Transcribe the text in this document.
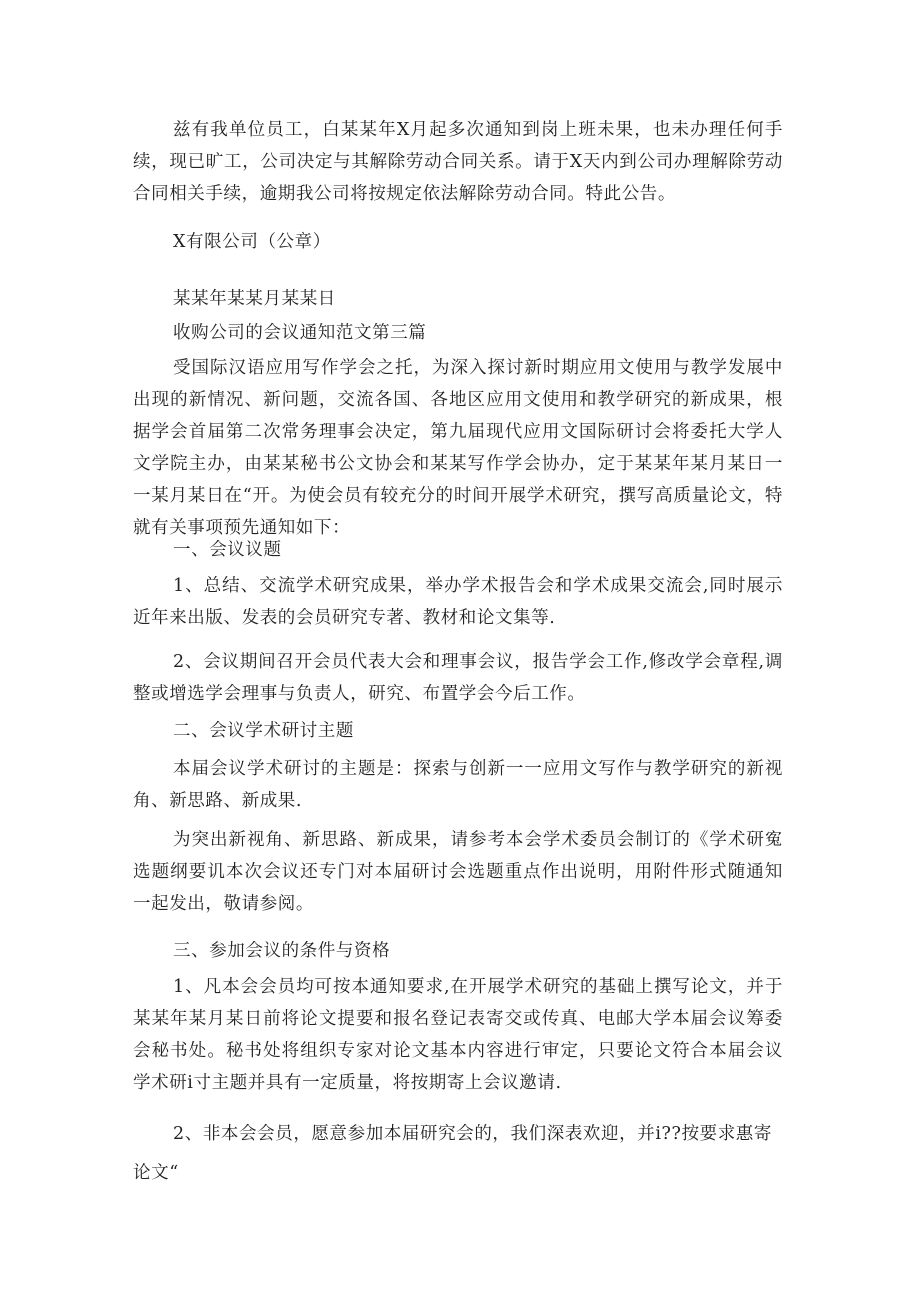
兹有我单位员工，白某某年X月起多次通知到岗上班未果，也未办理任何手续，现已旷工，公司决定与其解除劳动合同关系。请于X天内到公司办理解除劳动合同相关手续，逾期我公司将按规定依法解除劳动合同。特此公告。

X有限公司（公章）

某某年某某月某某日

收购公司的会议通知范文第三篇

受国际汉语应用写作学会之托，为深入探讨新时期应用文使用与教学发展中出现的新情况、新问题，交流各国、各地区应用文使用和教学研究的新成果，根据学会首届第二次常务理事会决定，第九届现代应用文国际研讨会将委托大学人文学院主办，由某某秘书公文协会和某某写作学会协办，定于某某年某月某日一一某月某日在“开。为使会员有较充分的时间开展学术研究，撰写高质量论文，特就有关事项预先通知如下：

一、会议议题

1、总结、交流学术研究成果，举办学术报告会和学术成果交流会,同时展示近年来出版、发表的会员研究专著、教材和论文集等.

2、会议期间召开会员代表大会和理事会议，报告学会工作,修改学会章程,调整或增选学会理事与负责人，研究、布置学会今后工作。

二、会议学术研讨主题

本届会议学术研讨的主题是：探索与创新一一应用文写作与教学研究的新视角、新思路、新成果.

为突出新视角、新思路、新成果，请参考本会学术委员会制订的《学术研寃选题纲要讥本次会议还专门对本届研讨会选题重点作出说明，用附件形式随通知一起发出，敬请参阅。

三、参加会议的条件与资格

1、凡本会会员均可按本通知要求,在开展学术研究的基础上撰写论文，并于某某年某月某日前将论文提要和报名登记表寄交或传真、电邮大学本届会议筹委会秘书处。秘书处将组织专家对论文基本内容进行审定，只要论文符合本届会议学术研i寸主题并具有一定质量，将按期寄上会议邀请.

2、非本会会员，愿意参加本届研究会的，我们深表欢迎，并i??按要求惠寄

论文“
